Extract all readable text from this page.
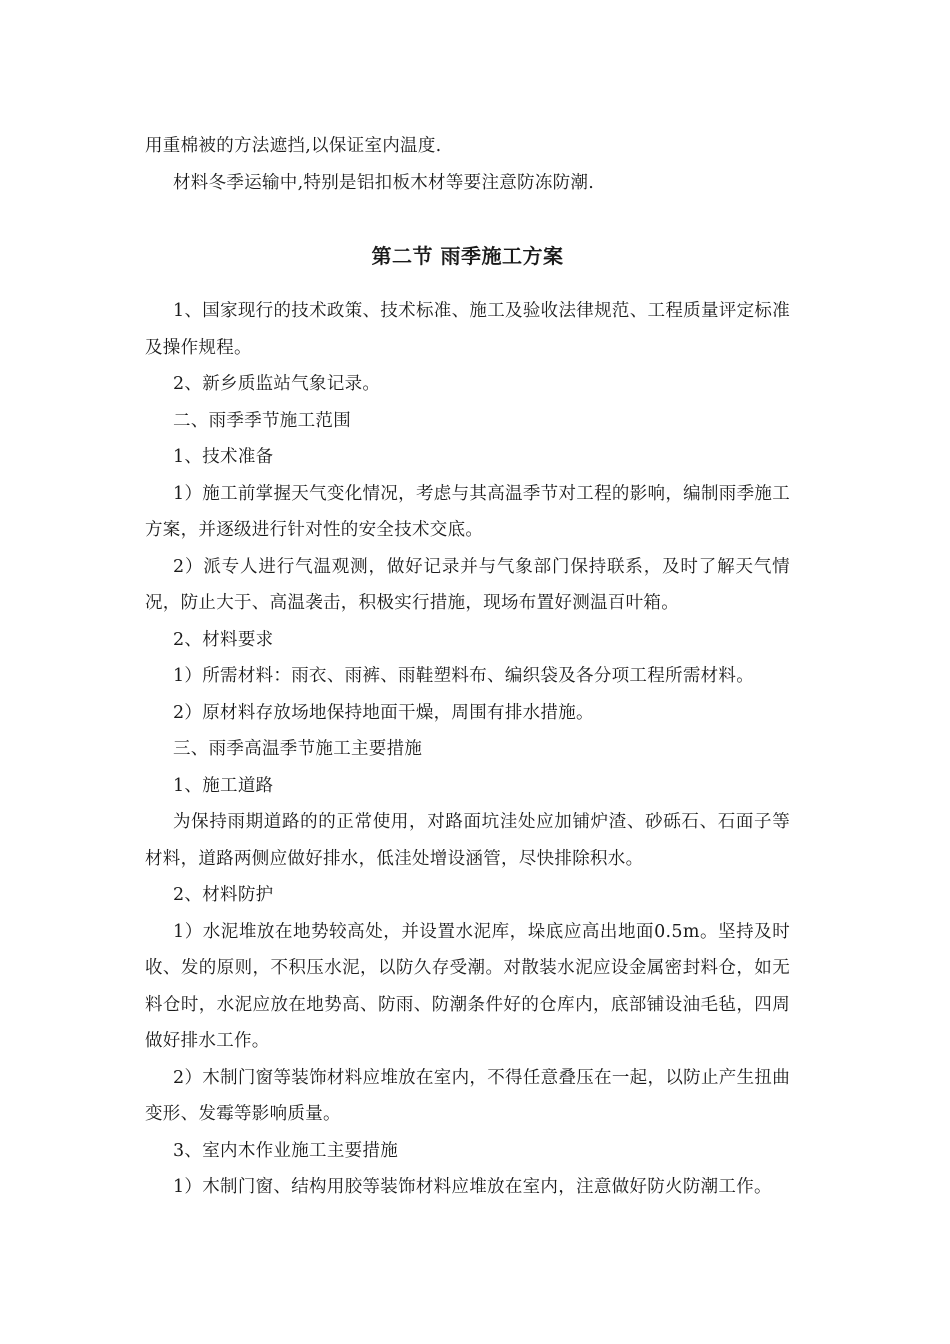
用重棉被的方法遮挡,以保证室内温度.

材料冬季运输中,特别是铝扣板木材等要注意防冻防潮.

第二节 雨季施工方案

1、国家现行的技术政策、技术标准、施工及验收法律规范、工程质量评定标准及操作规程。

2、新乡质监站气象记录。

二、雨季季节施工范围

1、技术准备

1）施工前掌握天气变化情况，考虑与其高温季节对工程的影响，编制雨季施工方案，并逐级进行针对性的安全技术交底。

2）派专人进行气温观测，做好记录并与气象部门保持联系，及时了解天气情况，防止大于、高温袭击，积极实行措施，现场布置好测温百叶箱。

2、材料要求

1）所需材料：雨衣、雨裤、雨鞋塑料布、编织袋及各分项工程所需材料。

2）原材料存放场地保持地面干燥，周围有排水措施。

三、雨季高温季节施工主要措施

1、施工道路

为保持雨期道路的的正常使用，对路面坑洼处应加铺炉渣、砂砾石、石面子等材料，道路两侧应做好排水，低洼处增设涵管，尽快排除积水。

2、材料防护

1）水泥堆放在地势较高处，并设置水泥库，垛底应高出地面0.5m。坚持及时收、发的原则，不积压水泥，以防久存受潮。对散装水泥应设金属密封料仓，如无料仓时，水泥应放在地势高、防雨、防潮条件好的仓库内，底部铺设油毛毡，四周做好排水工作。

2）木制门窗等装饰材料应堆放在室内，不得任意叠压在一起，以防止产生扭曲变形、发霉等影响质量。

3、室内木作业施工主要措施

1）木制门窗、结构用胶等装饰材料应堆放在室内，注意做好防火防潮工作。
